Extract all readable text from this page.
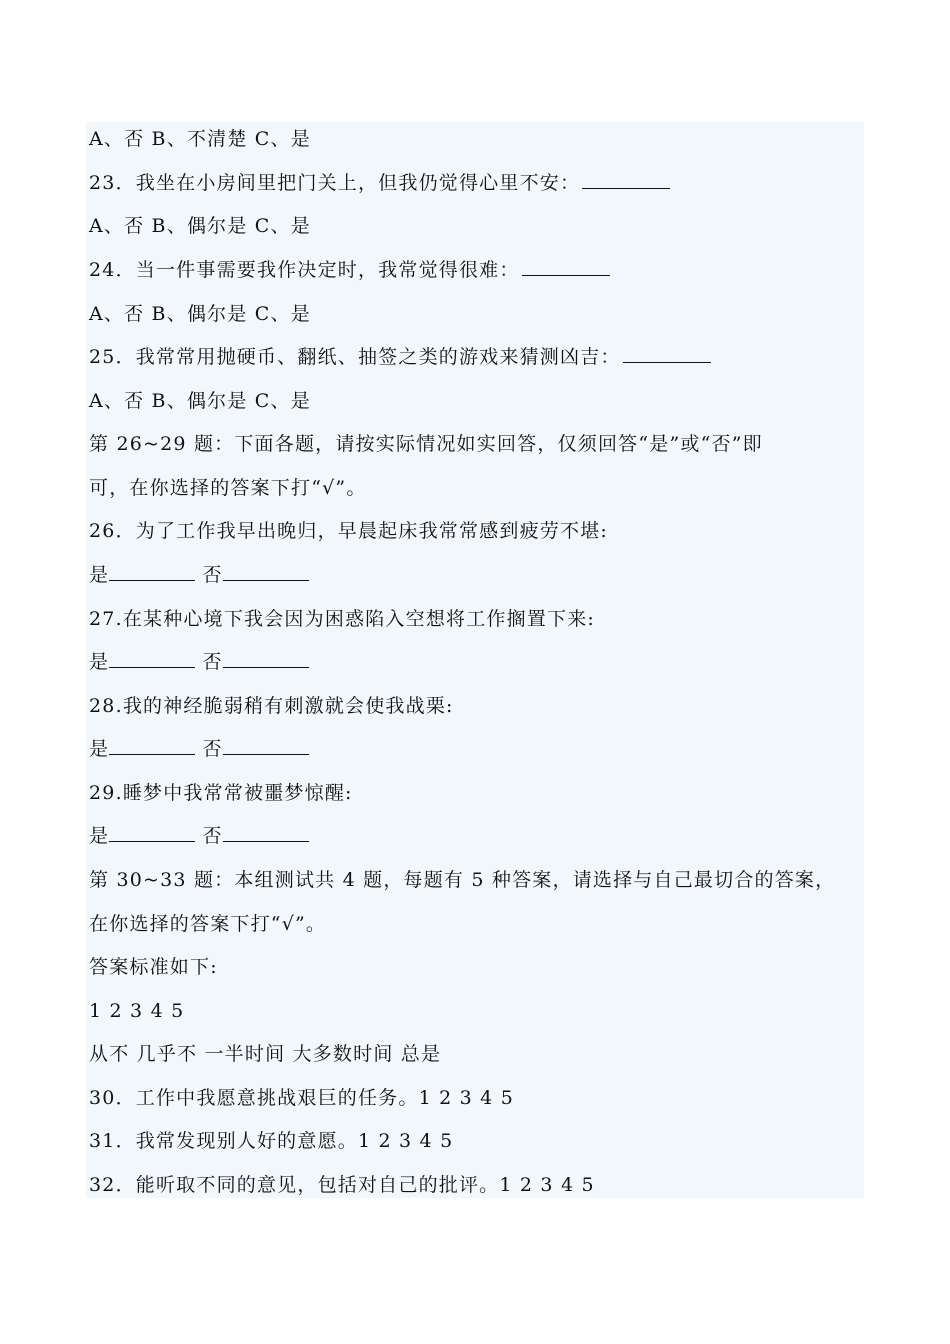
A、否 B、不清楚 C、是
23．我坐在小房间里把门关上，但我仍觉得心里不安：
A、否 B、偶尔是 C、是
24．当一件事需要我作决定时，我常觉得很难：
A、否 B、偶尔是 C、是
25．我常常用抛硬币、翻纸、抽签之类的游戏来猜测凶吉：
A、否 B、偶尔是 C、是
第 26~29 题：下面各题，请按实际情况如实回答，仅须回答“是”或“否”即
可，在你选择的答案下打“√”。
26．为了工作我早出晚归，早晨起床我常常感到疲劳不堪:
是	否
27.在某种心境下我会因为困惑陷入空想将工作搁置下来:
是	否
28.我的神经脆弱稍有刺激就会使我战栗:
是	否
29.睡梦中我常常被噩梦惊醒:
是	否
第 30~33 题：本组测试共 4 题，每题有 5 种答案，请选择与自己最切合的答案，
在你选择的答案下打“√”。
答案标准如下:
1 2 3 4 5
从不 几乎不 一半时间 大多数时间 总是
30．工作中我愿意挑战艰巨的任务。1 2 3 4 5
31．我常发现别人好的意愿。1 2 3 4 5
32．能听取不同的意见，包括对自己的批评。1 2 3 4 5
